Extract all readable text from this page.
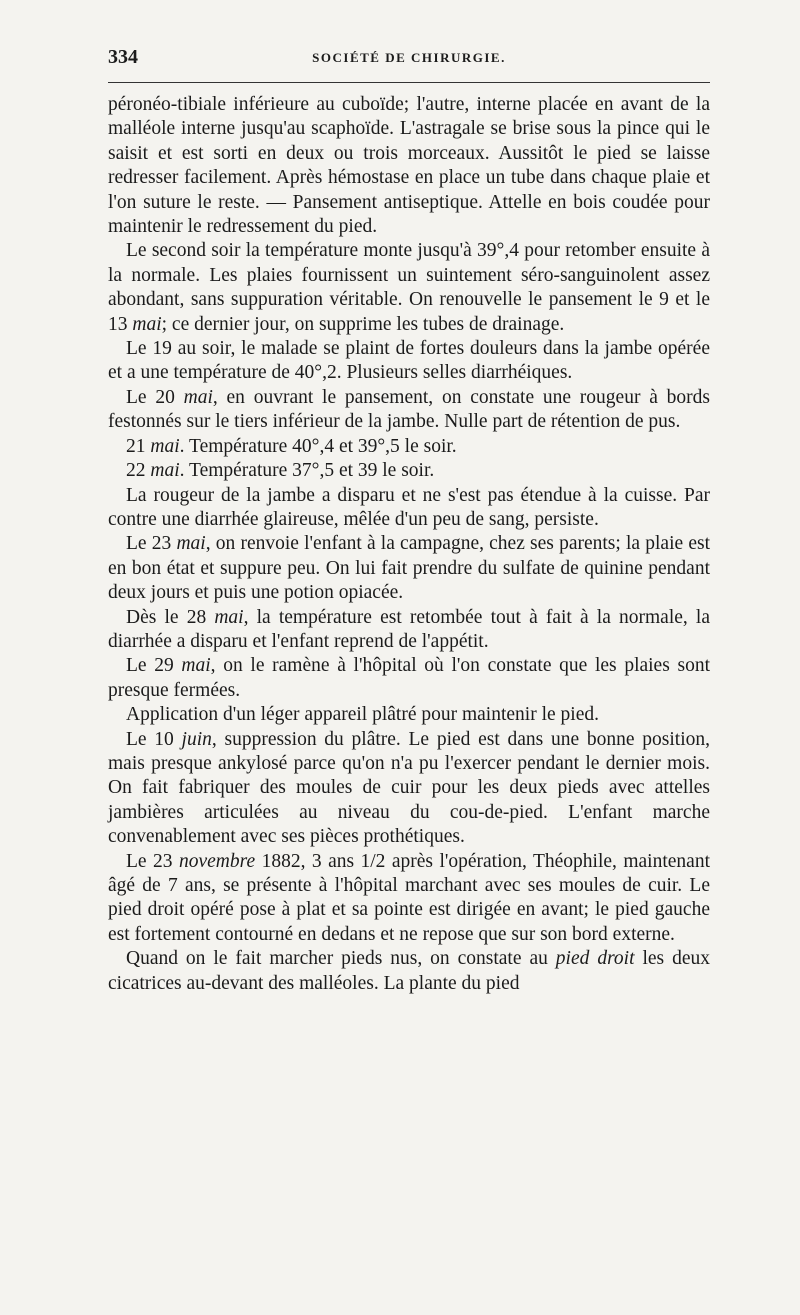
334	SOCIÉTÉ DE CHIRURGIE.

péronéo-tibiale inférieure au cuboïde; l'autre, interne placée en avant de la malléole interne jusqu'au scaphoïde. L'astragale se brise sous la pince qui le saisit et est sorti en deux ou trois morceaux. Aussitôt le pied se laisse redresser facilement. Après hémostase en place un tube dans chaque plaie et l'on suture le reste. — Pansement antiseptique. Attelle en bois coudée pour maintenir le redressement du pied.

Le second soir la température monte jusqu'à 39°,4 pour retomber ensuite à la normale. Les plaies fournissent un suintement séro-sanguinolent assez abondant, sans suppuration véritable. On renouvelle le pansement le 9 et le 13 mai; ce dernier jour, on supprime les tubes de drainage.

Le 19 au soir, le malade se plaint de fortes douleurs dans la jambe opérée et a une température de 40°,2. Plusieurs selles diarrhéiques.

Le 20 mai, en ouvrant le pansement, on constate une rougeur à bords festonnés sur le tiers inférieur de la jambe. Nulle part de rétention de pus.

21 mai. Température 40°,4 et 39°,5 le soir.

22 mai. Température 37°,5 et 39 le soir.

La rougeur de la jambe a disparu et ne s'est pas étendue à la cuisse. Par contre une diarrhée glaireuse, mêlée d'un peu de sang, persiste.

Le 23 mai, on renvoie l'enfant à la campagne, chez ses parents; la plaie est en bon état et suppure peu. On lui fait prendre du sulfate de quinine pendant deux jours et puis une potion opiacée.

Dès le 28 mai, la température est retombée tout à fait à la normale, la diarrhée a disparu et l'enfant reprend de l'appétit.

Le 29 mai, on le ramène à l'hôpital où l'on constate que les plaies sont presque fermées.

Application d'un léger appareil plâtré pour maintenir le pied.

Le 10 juin, suppression du plâtre. Le pied est dans une bonne position, mais presque ankylosé parce qu'on n'a pu l'exercer pendant le dernier mois. On fait fabriquer des moules de cuir pour les deux pieds avec attelles jambières articulées au niveau du cou-de-pied. L'enfant marche convenablement avec ses pièces prothétiques.

Le 23 novembre 1882, 3 ans 1/2 après l'opération, Théophile, maintenant âgé de 7 ans, se présente à l'hôpital marchant avec ses moules de cuir. Le pied droit opéré pose à plat et sa pointe est dirigée en avant; le pied gauche est fortement contourné en dedans et ne repose que sur son bord externe.

Quand on le fait marcher pieds nus, on constate au pied droit les deux cicatrices au-devant des malléoles. La plante du pied
